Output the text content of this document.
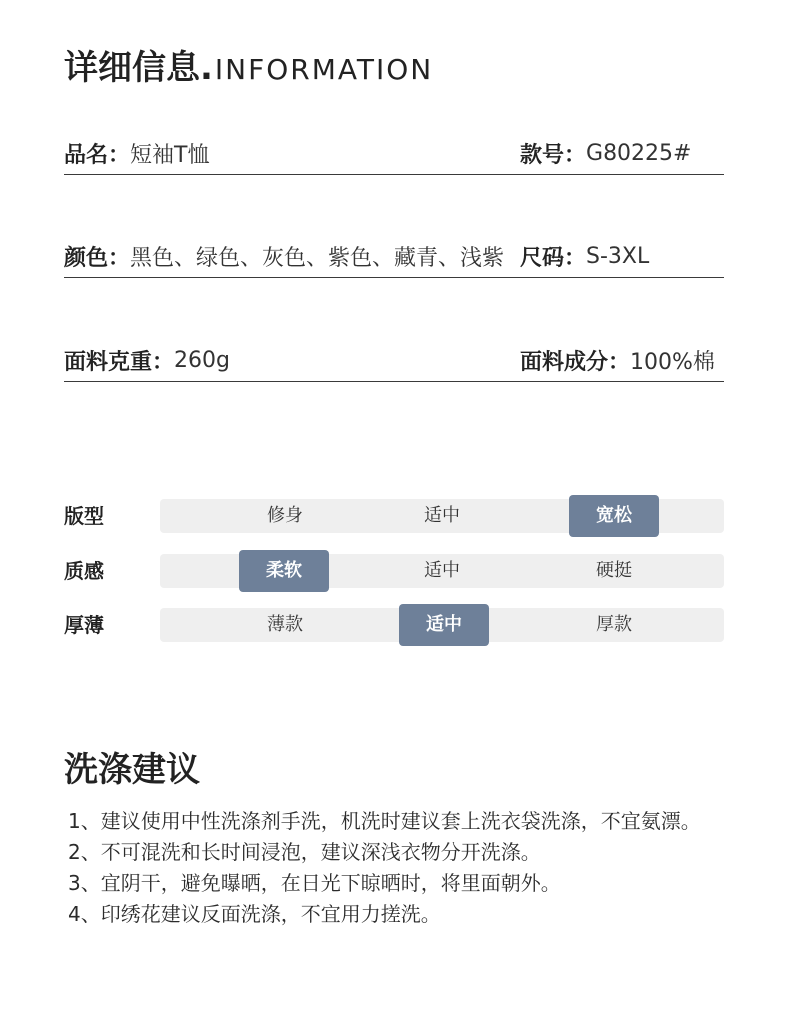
详细信息. INFORMATION
品名： 短袖T恤	款号： G80225#
颜色： 黑色、绿色、灰色、紫色、藏青、浅紫 尺码： S-3XL
面料克重： 260g	面料成分： 100%棉
版型	修身	适中	宽松
质感	柔软	适中	硬挺
厚薄	薄款	适中	厚款
洗涤建议
1、建议使用中性洗涤剂手洗，机洗时建议套上洗衣袋洗涤，不宜氨漂。
2、不可混洗和长时间浸泡，建议深浅衣物分开洗涤。
3、宜阴干，避免曝晒，在日光下晾晒时，将里面朝外。
4、印绣花建议反面洗涤，不宜用力搓洗。
